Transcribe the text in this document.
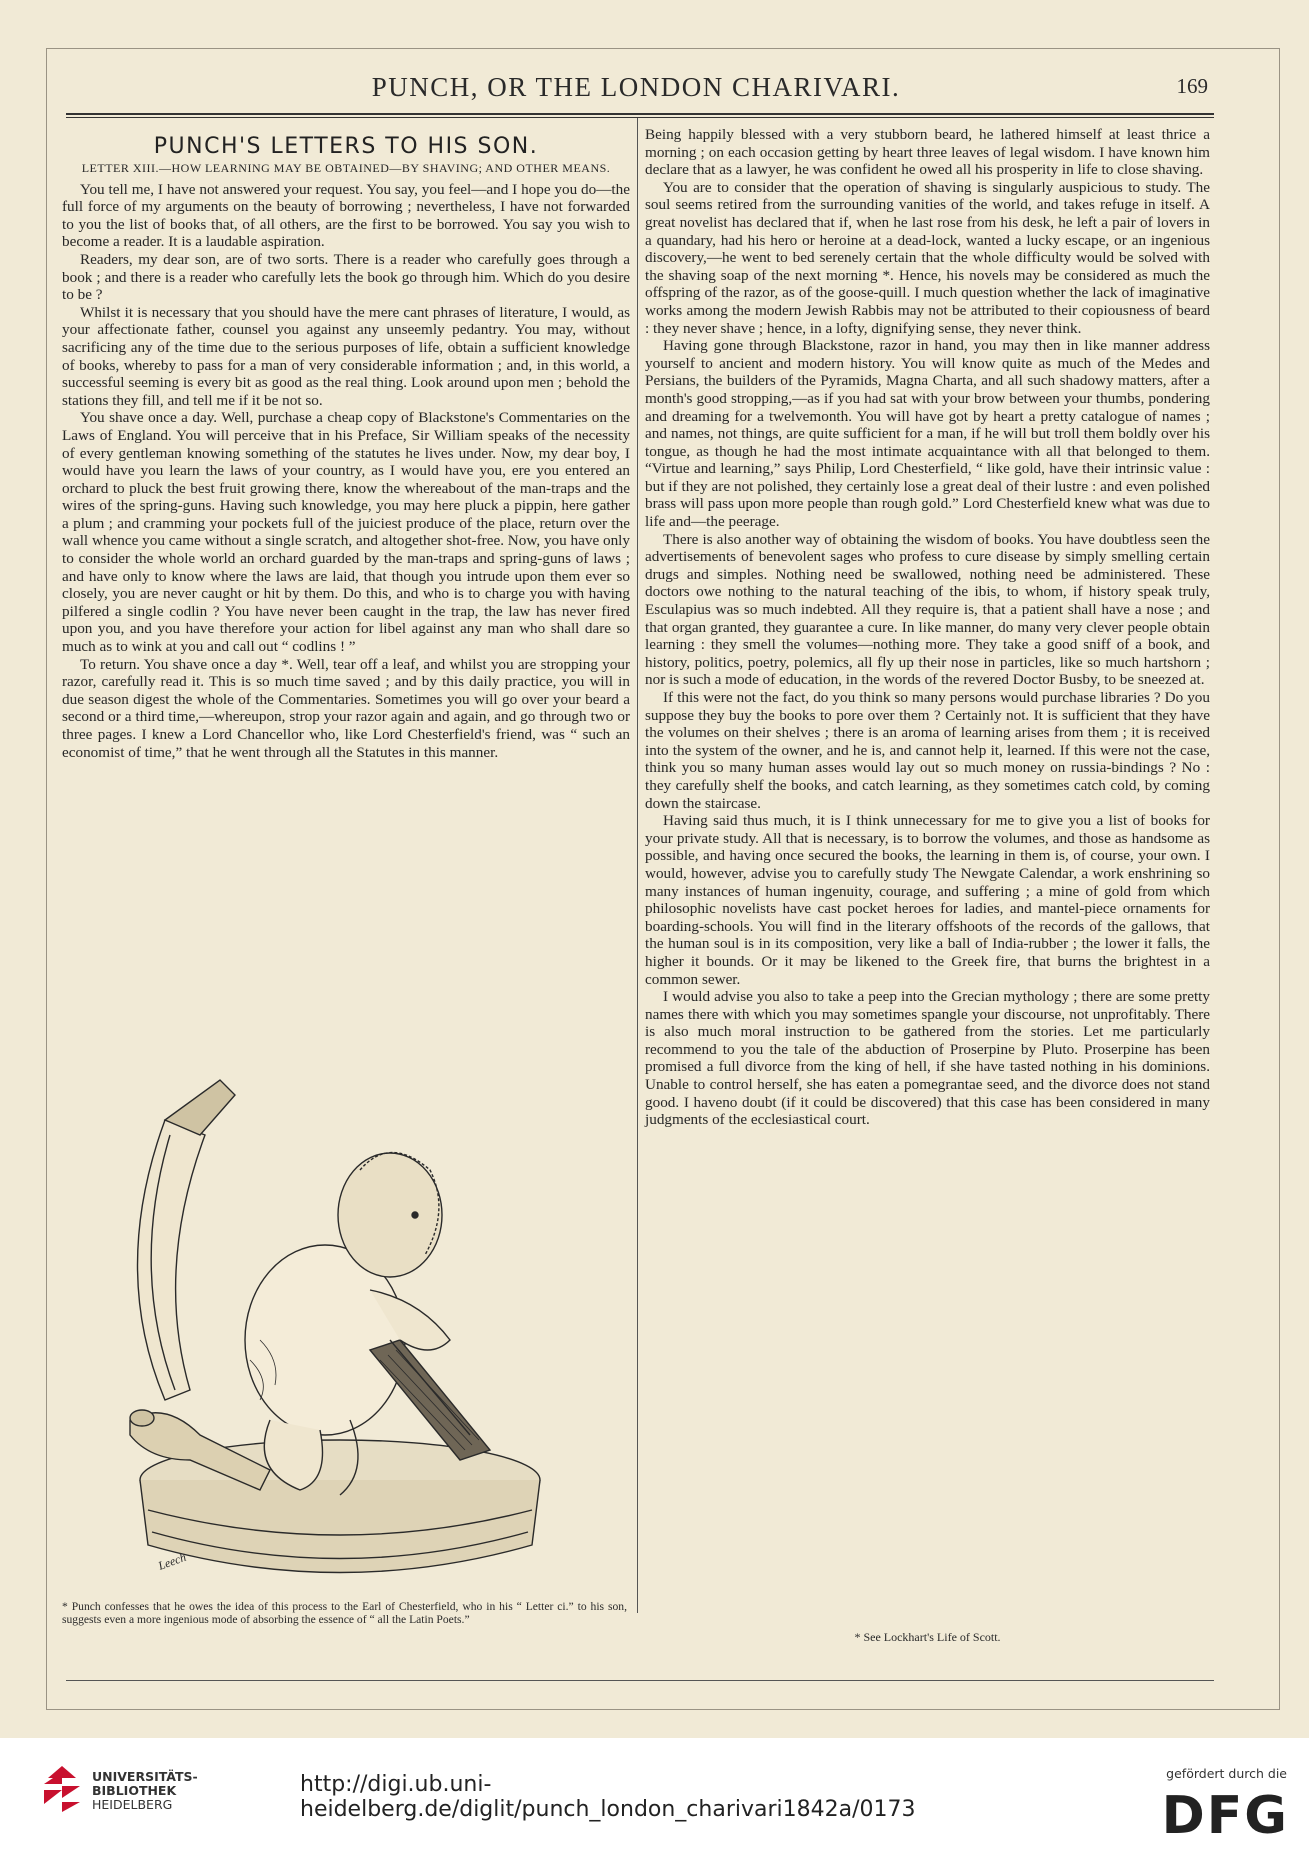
PUNCH, OR THE LONDON CHARIVARI.	169
PUNCH'S LETTERS TO HIS SON.
LETTER XIII.—HOW LEARNING MAY BE OBTAINED—BY SHAVING; AND OTHER MEANS.

You tell me, I have not answered your request. You say, you feel—and I hope you do—the full force of my arguments on the beauty of borrowing ; nevertheless, I have not forwarded to you the list of books that, of all others, are the first to be borrowed. You say you wish to become a reader. It is a laudable aspiration.

Readers, my dear son, are of two sorts. There is a reader who carefully goes through a book ; and there is a reader who carefully lets the book go through him. Which do you desire to be ?

Whilst it is necessary that you should have the mere cant phrases of literature, I would, as your affectionate father, counsel you against any unseemly pedantry. You may, without sacrificing any of the time due to the serious purposes of life, obtain a sufficient knowledge of books, whereby to pass for a man of very considerable information ; and, in this world, a successful seeming is every bit as good as the real thing. Look around upon men ; behold the stations they fill, and tell me if it be not so.

You shave once a day. Well, purchase a cheap copy of Blackstone's Commentaries on the Laws of England. You will perceive that in his Preface, Sir William speaks of the necessity of every gentleman knowing something of the statutes he lives under. Now, my dear boy, I would have you learn the laws of your country, as I would have you, ere you entered an orchard to pluck the best fruit growing there, know the whereabout of the man-traps and the wires of the spring-guns. Having such knowledge, you may here pluck a pippin, here gather a plum ; and cramming your pockets full of the juiciest produce of the place, return over the wall whence you came without a single scratch, and altogether shot-free. Now, you have only to consider the whole world an orchard guarded by the man-traps and spring-guns of laws ; and have only to know where the laws are laid, that though you intrude upon them ever so closely, you are never caught or hit by them. Do this, and who is to charge you with having pilfered a single codlin ? You have never been caught in the trap, the law has never fired upon you, and you have therefore your action for libel against any man who shall dare so much as to wink at you and call out “ codlins ! ”

To return. You shave once a day *. Well, tear off a leaf, and whilst you are stropping your razor, carefully read it. This is so much time saved ; and by this daily practice, you will in due season digest the whole of the Commentaries. Sometimes you will go over your beard a second or a third time,—whereupon, strop your razor again and again, and go through two or three pages. I knew a Lord Chancellor who, like Lord Chesterfield's friend, was “ such an economist of time,” that he went through all the Statutes in this manner.

Leech
* Punch confesses that he owes the idea of this process to the Earl of Chesterfield, who in his “ Letter ci.” to his son, suggests even a more ingenious mode of absorbing the essence of “ all the Latin Poets.”

Being happily blessed with a very stubborn beard, he lathered himself at least thrice a morning ; on each occasion getting by heart three leaves of legal wisdom. I have known him declare that as a lawyer, he was confident he owed all his prosperity in life to close shaving.

You are to consider that the operation of shaving is singularly auspicious to study. The soul seems retired from the surrounding vanities of the world, and takes refuge in itself. A great novelist has declared that if, when he last rose from his desk, he left a pair of lovers in a quandary, had his hero or heroine at a dead-lock, wanted a lucky escape, or an ingenious discovery,—he went to bed serenely certain that the whole difficulty would be solved with the shaving soap of the next morning *. Hence, his novels may be considered as much the offspring of the razor, as of the goose-quill. I much question whether the lack of imaginative works among the modern Jewish Rabbis may not be attributed to their copiousness of beard : they never shave ; hence, in a lofty, dignifying sense, they never think.

Having gone through Blackstone, razor in hand, you may then in like manner address yourself to ancient and modern history. You will know quite as much of the Medes and Persians, the builders of the Pyramids, Magna Charta, and all such shadowy matters, after a month's good stropping,—as if you had sat with your brow between your thumbs, pondering and dreaming for a twelvemonth. You will have got by heart a pretty catalogue of names ; and names, not things, are quite sufficient for a man, if he will but troll them boldly over his tongue, as though he had the most intimate acquaintance with all that belonged to them. “Virtue and learning,” says Philip, Lord Chesterfield, “ like gold, have their intrinsic value : but if they are not polished, they certainly lose a great deal of their lustre : and even polished brass will pass upon more people than rough gold.” Lord Chesterfield knew what was due to life and—the peerage.

There is also another way of obtaining the wisdom of books. You have doubtless seen the advertisements of benevolent sages who profess to cure disease by simply smelling certain drugs and simples. Nothing need be swallowed, nothing need be administered. These doctors owe nothing to the natural teaching of the ibis, to whom, if history speak truly, Esculapius was so much indebted. All they require is, that a patient shall have a nose ; and that organ granted, they guarantee a cure. In like manner, do many very clever people obtain learning : they smell the volumes—nothing more. They take a good sniff of a book, and history, politics, poetry, polemics, all fly up their nose in particles, like so much hartshorn ; nor is such a mode of education, in the words of the revered Doctor Busby, to be sneezed at.

If this were not the fact, do you think so many persons would purchase libraries ? Do you suppose they buy the books to pore over them ? Certainly not. It is sufficient that they have the volumes on their shelves ; there is an aroma of learning arises from them ; it is received into the system of the owner, and he is, and cannot help it, learned. If this were not the case, think you so many human asses would lay out so much money on russia-bindings ? No : they carefully shelf the books, and catch learning, as they sometimes catch cold, by coming down the staircase.

Having said thus much, it is I think unnecessary for me to give you a list of books for your private study. All that is necessary, is to borrow the volumes, and those as handsome as possible, and having once secured the books, the learning in them is, of course, your own. I would, however, advise you to carefully study The Newgate Calendar, a work enshrining so many instances of human ingenuity, courage, and suffering ; a mine of gold from which philosophic novelists have cast pocket heroes for ladies, and mantel-piece ornaments for boarding-schools. You will find in the literary offshoots of the records of the gallows, that the human soul is in its composition, very like a ball of India-rubber ; the lower it falls, the higher it bounds. Or it may be likened to the Greek fire, that burns the brightest in a common sewer.

I would advise you also to take a peep into the Grecian mythology ; there are some pretty names there with which you may sometimes spangle your discourse, not unprofitably. There is also much moral instruction to be gathered from the stories. Let me particularly recommend to you the tale of the abduction of Proserpine by Pluto. Proserpine has been promised a full divorce from the king of hell, if she have tasted nothing in his dominions. Unable to control herself, she has eaten a pomegrantae seed, and the divorce does not stand good. I haveno doubt (if it could be discovered) that this case has been considered in many judgments of the ecclesiastical court.

* See Lockhart's Life of Scott.
UNIVERSITÄTS-
BIBLIOTHEK
HEIDELBERG
http://digi.ub.uni-heidelberg.de/diglit/punch_london_charivari1842a/0173
gefördert durch die
DFG
